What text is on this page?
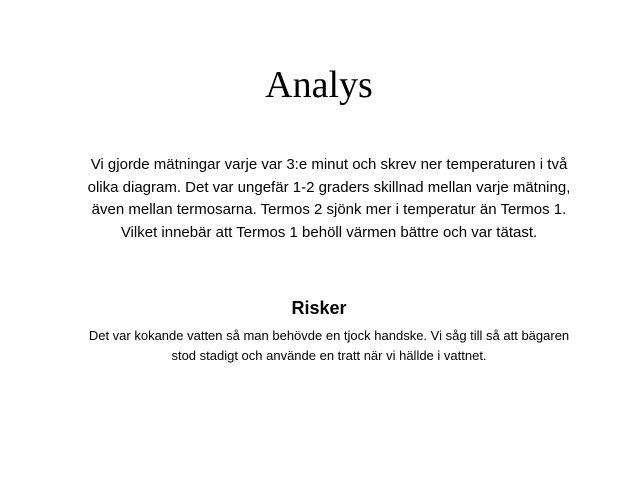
Analys

Vi gjorde mätningar varje var 3:e minut och skrev ner temperaturen i två olika diagram. Det var ungefär 1-2 graders skillnad mellan varje mätning, även mellan termosarna. Termos 2 sjönk mer i temperatur än Termos 1. Vilket innebär att Termos 1 behöll värmen bättre och var tätast.

Risker

Det var kokande vatten så man behövde en tjock handske. Vi såg till så att bägaren stod stadigt och använde en tratt när vi hällde i vattnet.
